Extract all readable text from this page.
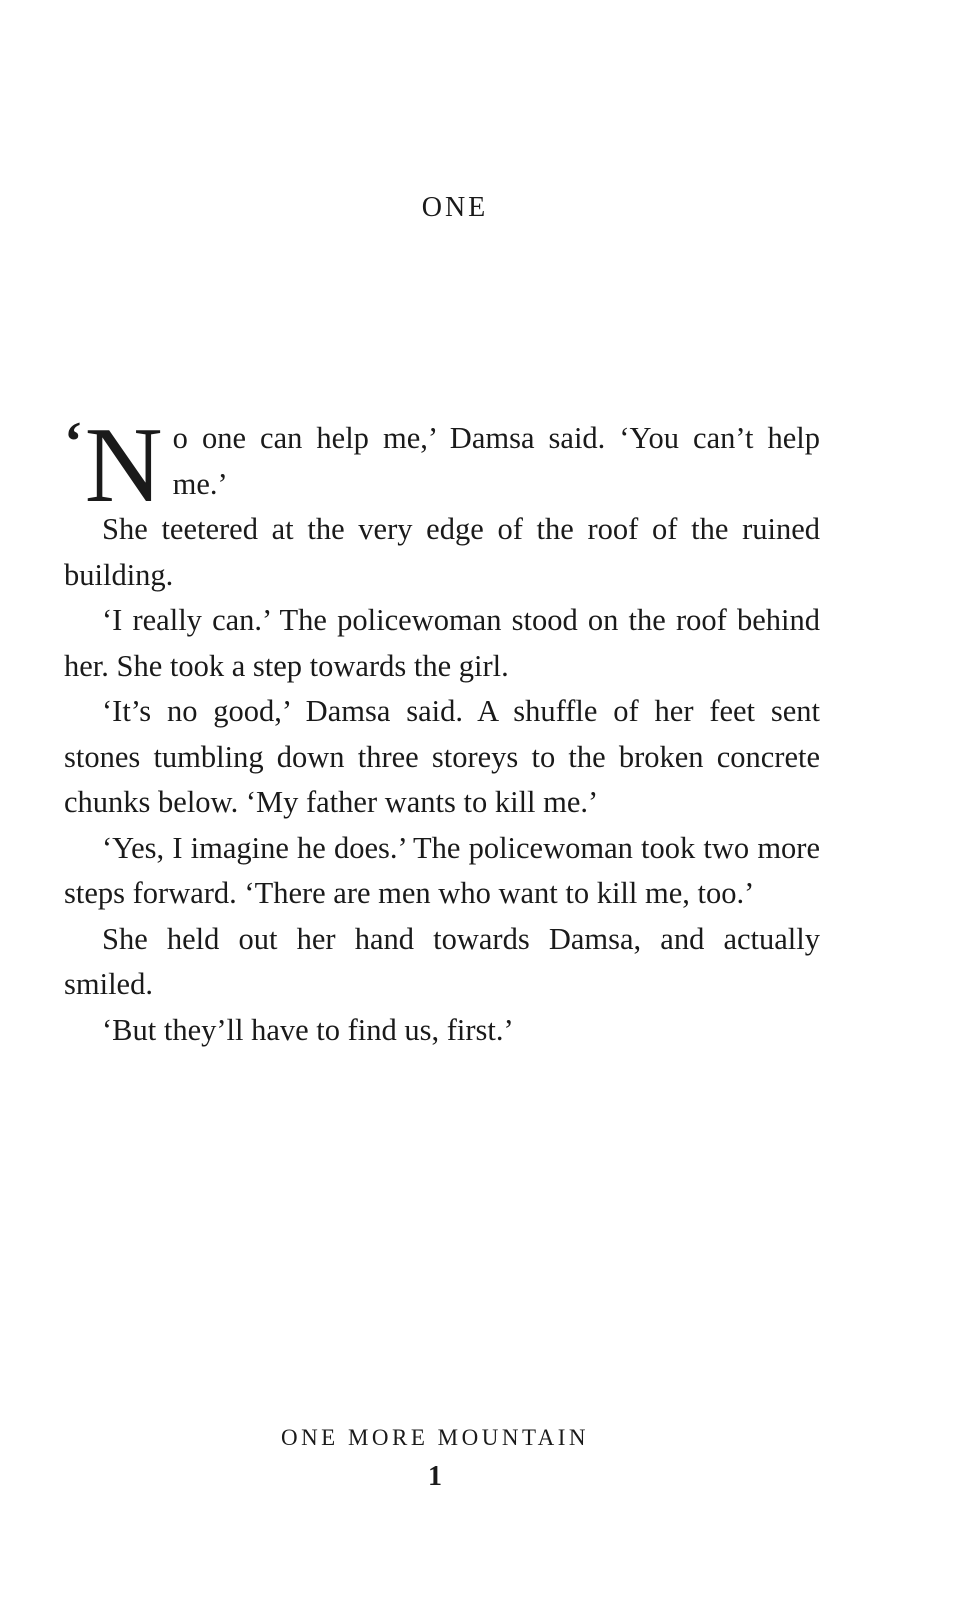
ONE

‘ N o one can help me,’ Damsa said. ‘You can’t help me.’

She teetered at the very edge of the roof of the ruined building.

‘I really can.’ The policewoman stood on the roof behind her. She took a step towards the girl.

‘It’s no good,’ Damsa said. A shuffle of her feet sent stones tumbling down three storeys to the broken concrete chunks below. ‘My father wants to kill me.’

‘Yes, I imagine he does.’ The policewoman took two more steps forward. ‘There are men who want to kill me, too.’

She held out her hand towards Damsa, and actually smiled.

‘But they’ll have to find us, first.’

ONE MORE MOUNTAIN
1
